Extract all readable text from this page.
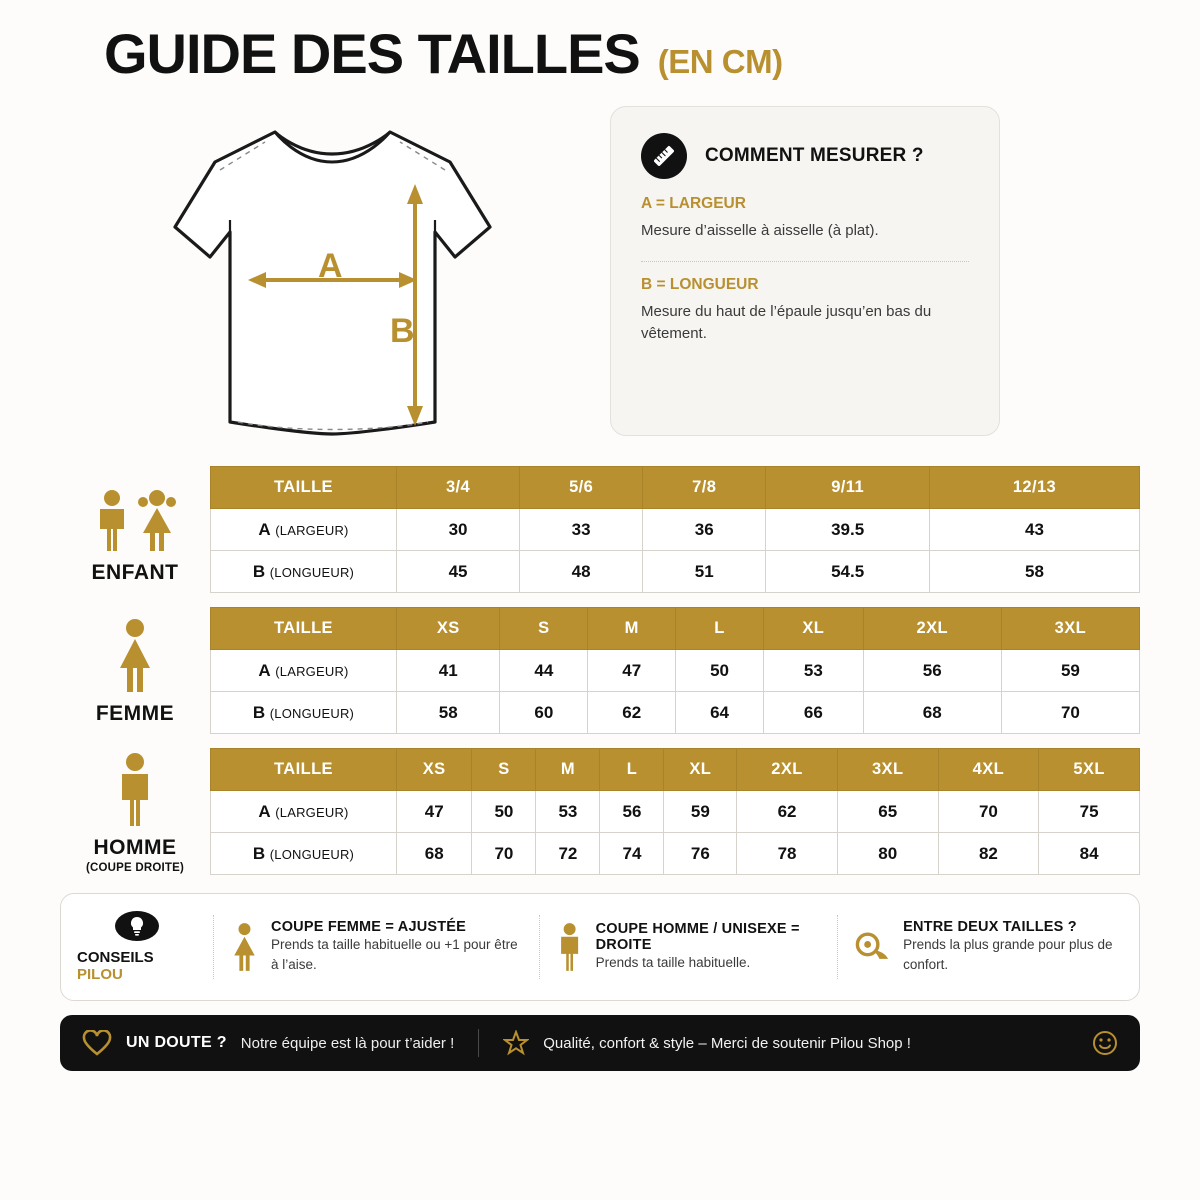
GUIDE DES TAILLES (EN CM)
A
B
COMMENT MESURER ?
A = LARGEUR
Mesure d’aisselle à aisselle (à plat).
B = LONGUEUR
Mesure du haut de l’épaule jusqu’en bas du vêtement.
ENFANT
TAILLE	3/4	5/6	7/8	9/11	12/13
A (LARGEUR)	30	33	36	39.5	43
B (LONGUEUR)	45	48	51	54.5	58
FEMME
TAILLE	XS	S	M	L	XL	2XL	3XL
A (LARGEUR)	41	44	47	50	53	56	59
B (LONGUEUR)	58	60	62	64	66	68	70
HOMME
(COUPE DROITE)
TAILLE	XS	S	M	L	XL	2XL	3XL	4XL	5XL
A (LARGEUR)	47	50	53	56	59	62	65	70	75
B (LONGUEUR)	68	70	72	74	76	78	80	82	84
CONSEILS PILOU
COUPE FEMME = AJUSTÉE
Prends ta taille habituelle ou +1 pour être à l’aise.
COUPE HOMME / UNISEXE = DROITE
Prends ta taille habituelle.
ENTRE DEUX TAILLES ?
Prends la plus grande pour plus de confort.
UN DOUTE ? Notre équipe est là pour t’aider !	Qualité, confort & style – Merci de soutenir Pilou Shop !
